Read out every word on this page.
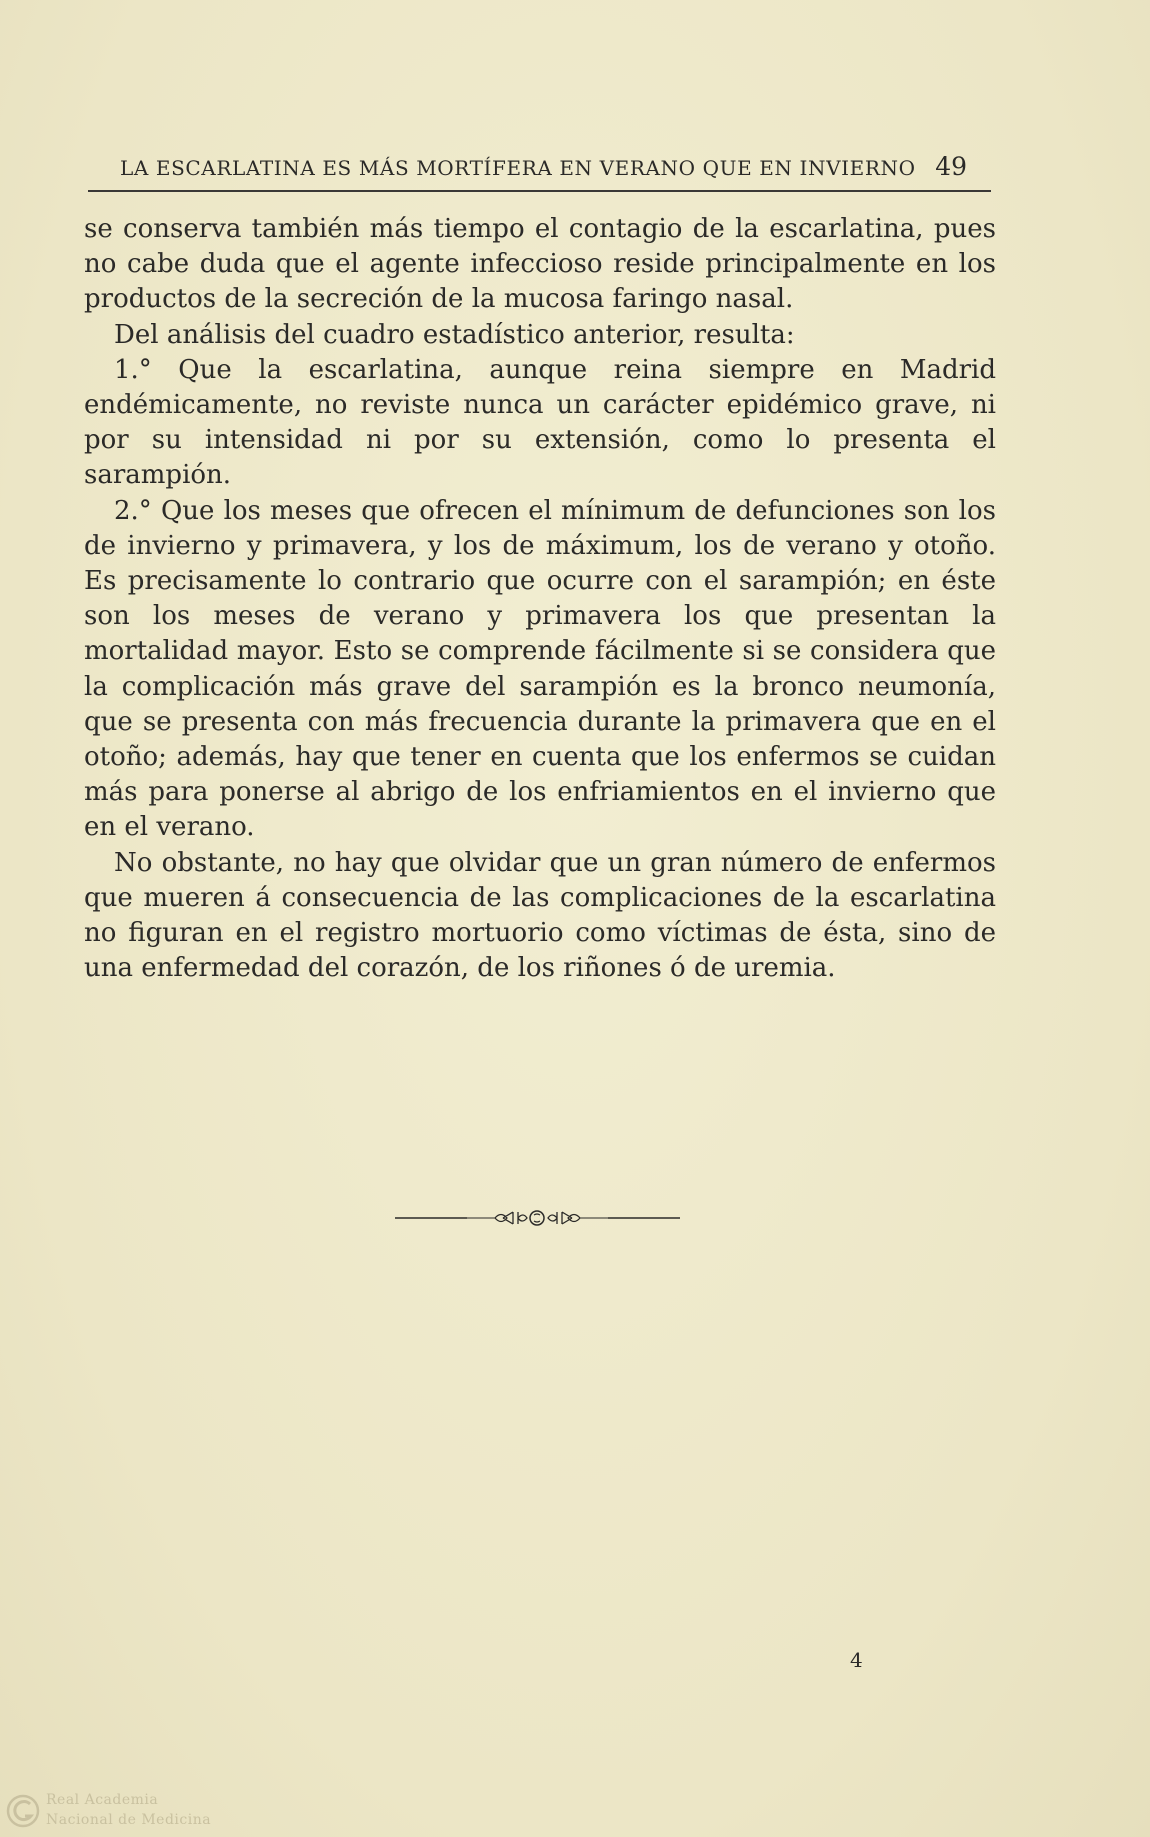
LA ESCARLATINA ES MÁS MORTÍFERA EN VERANO QUE EN INVIERNO 49

se conserva también más tiempo el contagio de la escarlatina, pues no cabe duda que el agente infeccioso reside principalmente en los productos de la secreción de la mucosa faringo nasal.

Del análisis del cuadro estadístico anterior, resulta:

1.° Que la escarlatina, aunque reina siempre en Madrid endémicamente, no reviste nunca un carácter epidémico grave, ni por su intensidad ni por su extensión, como lo presenta el sarampión.

2.° Que los meses que ofrecen el mínimum de defunciones son los de invierno y primavera, y los de máximum, los de verano y otoño. Es precisamente lo contrario que ocurre con el sarampión; en éste son los meses de verano y primavera los que presentan la mortalidad mayor. Esto se comprende fácilmente si se considera que la complicación más grave del sarampión es la bronco neumonía, que se presenta con más frecuencia durante la primavera que en el otoño; además, hay que tener en cuenta que los enfermos se cuidan más para ponerse al abrigo de los enfriamientos en el invierno que en el verano.

No obstante, no hay que olvidar que un gran número de enfermos que mueren á consecuencia de las complicaciones de la escarlatina no figuran en el registro mortuorio como víctimas de ésta, sino de una enfermedad del corazón, de los riñones ó de uremia.

4
Real Academia
Nacional de Medicina
